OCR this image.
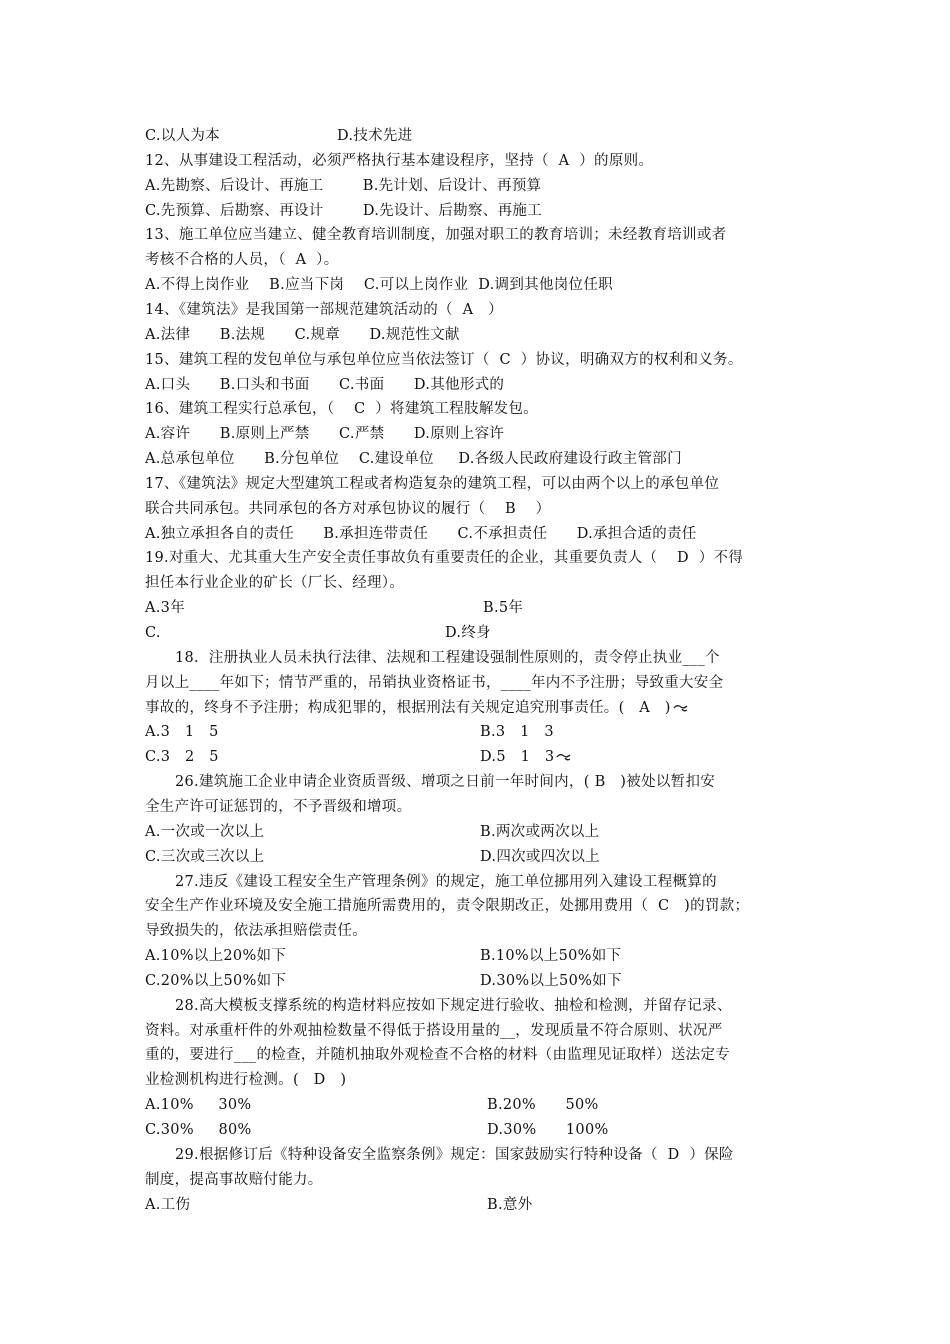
C.以人为本	D.技术先进
12、从事建设工程活动，必须严格执行基本建设程序，坚持（  A  ）的原则。
A.先勘察、后设计、再施工        B.先计划、后设计、再预算
C.先预算、后勘察、再设计        D.先设计、后勘察、再施工
13、施工单位应当建立、健全教育培训制度，加强对职工的教育培训；未经教育培训或者
考核不合格的人员，（  A  ）。
A.不得上岗作业    B.应当下岗    C.可以上岗作业  D.调到其他岗位任职
14、《建筑法》是我国第一部规范建筑活动的（  A   ）
A.法律      B.法规      C.规章      D.规范性文献
15、建筑工程的发包单位与承包单位应当依法签订（  C  ）协议，明确双方的权利和义务。
A.口头      B.口头和书面      C.书面      D.其他形式的
16、建筑工程实行总承包，（    C  ）将建筑工程肢解发包。
A.容许      B.原则上严禁      C.严禁      D.原则上容许
A.总承包单位      B.分包单位    C.建设单位     D.各级人民政府建设行政主管部门
17、《建筑法》规定大型建筑工程或者构造复杂的建筑工程，可以由两个以上的承包单位
联合共同承包。共同承包的各方对承包协议的履行（    B    ）
A.独立承担各自的责任      B.承担连带责任      C.不承担责任      D.承担合适的责任
19.对重大、尤其重大生产安全责任事故负有重要责任的企业，其重要负责人（    D  ）不得
担任本行业企业的矿长（厂长、经理）。
A.3年	B.5年
C.	D.终身
18.  注册执业人员未执行法律、法规和工程建设强制性原则的，责令停止执业___个
月以上____年如下；情节严重的，吊销执业资格证书，____年内不予注册；导致重大安全
事故的，终身不予注册；构成犯罪的，根据刑法有关规定追究刑事责任。(   A   )
A.3   1   5	B.3   1   3
C.3   2   5	D.5   1   3
26.建筑施工企业申请企业资质晋级、增项之日前一年时间内，( B   )被处以暂扣安
全生产许可证惩罚的，不予晋级和增项。
A.一次或一次以上	B.两次或两次以上
C.三次或三次以上	D.四次或四次以上
27.违反《建设工程安全生产管理条例》的规定，施工单位挪用列入建设工程概算的
安全生产作业环境及安全施工措施所需费用的，责令限期改正，处挪用费用（  C   )的罚款；
导致损失的，依法承担赔偿责任。
A.10%以上20%如下	B.10%以上50%如下
C.20%以上50%如下	D.30%以上50%如下
28.高大模板支撑系统的构造材料应按如下规定进行验收、抽检和检测，并留存记录、
资料。对承重杆件的外观抽检数量不得低于搭设用量的__，发现质量不符合原则、状况严
重的，要进行___的检查，并随机抽取外观检查不合格的材料（由监理见证取样）送法定专
业检测机构进行检测。(   D   )
A.10%     30%	B.20%      50%
C.30%     80%	D.30%      100%
29.根据修订后《特种设备安全监察条例》规定：国家鼓励实行特种设备（  D  ）保险
制度，提高事故赔付能力。
A.工伤	B.意外
